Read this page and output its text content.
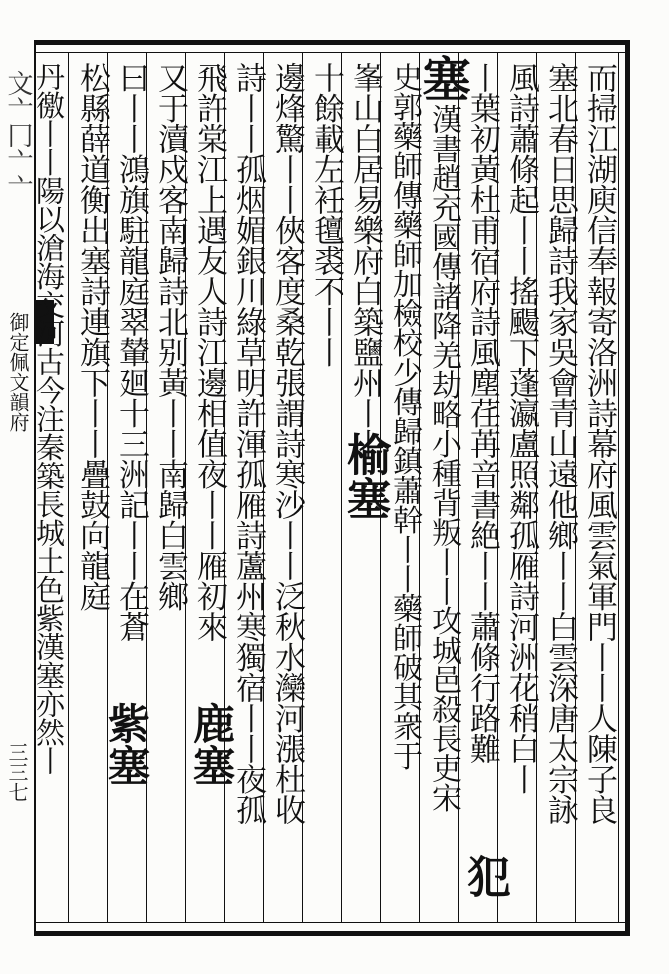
文亠冂亠亠
御定佩文韻府
三三七	而掃江湖庾信奉報寄洛洲詩幕府風雲氣軍門丨丨人陳子良
塞北春日思歸詩我家吳會青山遠他鄉丨丨白雲深唐太宗詠
風詩蕭條起丨丨搖颺下蓬瀛盧照鄰孤雁詩河洲花稍白丨
丨葉初黃杜甫宿府詩風塵荏苒音書絶丨丨蕭條行路難
塞
漢書趙充國傳諸降羌劫略小種背叛丨丨攻城邑殺長吏宋
史郭藥師傳藥師加檢校少傳歸鎮蕭幹丨丨藥師破其衆于
犯
峯山白居易樂府白築鹽州丨丨
榆塞
十餘載左衽氊裘不丨丨
邊烽驚丨丨俠客度桑乾張謂詩寒沙丨丨泛秋水灤河漲杜收
詩丨丨孤烟媚銀川綠草明許渾孤雁詩蘆州寒獨宿丨丨夜孤
飛許棠江上遇友人詩江邊相值夜丨丨雁初來
又于瀆戍客南歸詩北别黃丨丨南歸白雲鄉
鹿塞
曰丨丨鴻旗駐龍庭翠輦廻十三洲記丨丨在蒼
松縣薛道衡出塞詩連旗下丨丨疊鼓向龍庭
紫塞
丹徼丨丨陽以滄海交河古今注秦築長城土色紫漢塞亦然丨
